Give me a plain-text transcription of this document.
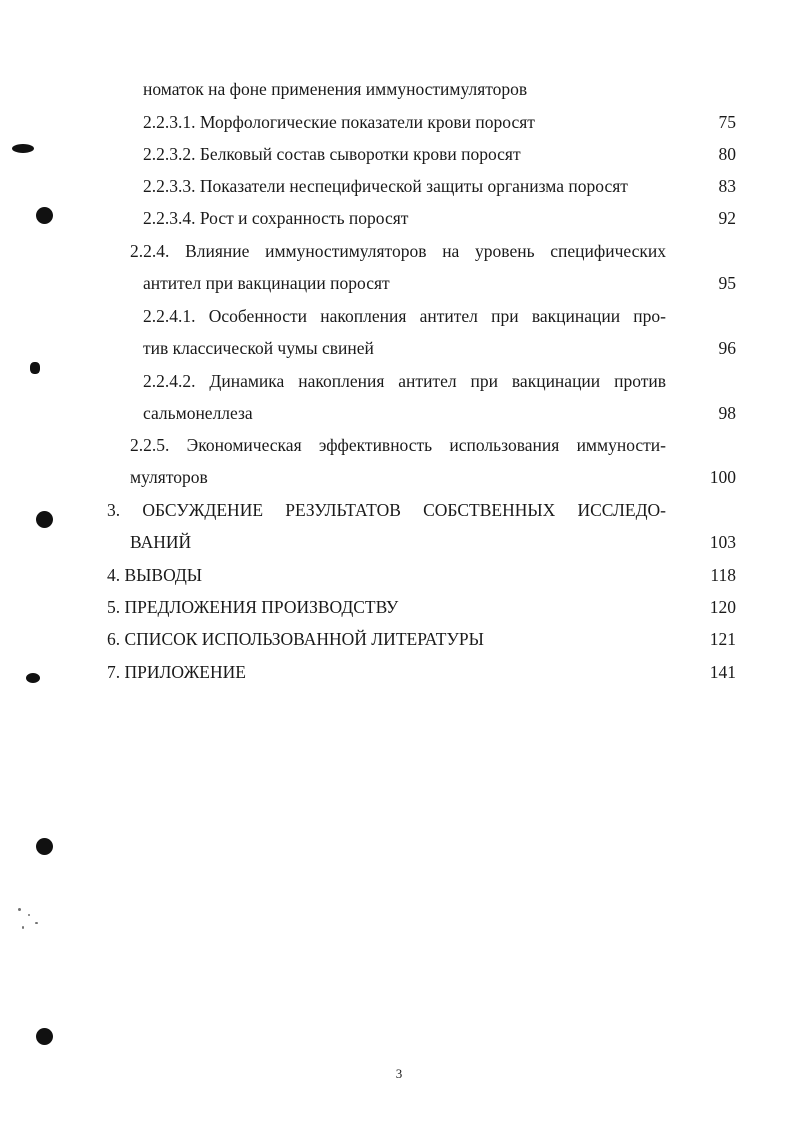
номаток на фоне применения иммуностимуляторов
2.2.3.1. Морфологические показатели крови поросят	75
2.2.3.2. Белковый состав сыворотки крови поросят	80
2.2.3.3. Показатели неспецифической защиты организма поросят	83
2.2.3.4. Рост и сохранность поросят	92
2.2.4. Влияние иммуностимуляторов на уровень специфических
антител при вакцинации поросят	95
2.2.4.1. Особенности накопления антител при вакцинации про-
тив классической чумы свиней	96
2.2.4.2. Динамика накопления антител при вакцинации против
сальмонеллеза	98
2.2.5. Экономическая эффективность использования иммуности-
муляторов	100
3. ОБСУЖДЕНИЕ РЕЗУЛЬТАТОВ СОБСТВЕННЫХ ИССЛЕДО-
ВАНИЙ	103
4. ВЫВОДЫ	118
5. ПРЕДЛОЖЕНИЯ ПРОИЗВОДСТВУ	120
6. СПИСОК ИСПОЛЬЗОВАННОЙ ЛИТЕРАТУРЫ	121
7. ПРИЛОЖЕНИЕ	141
3
